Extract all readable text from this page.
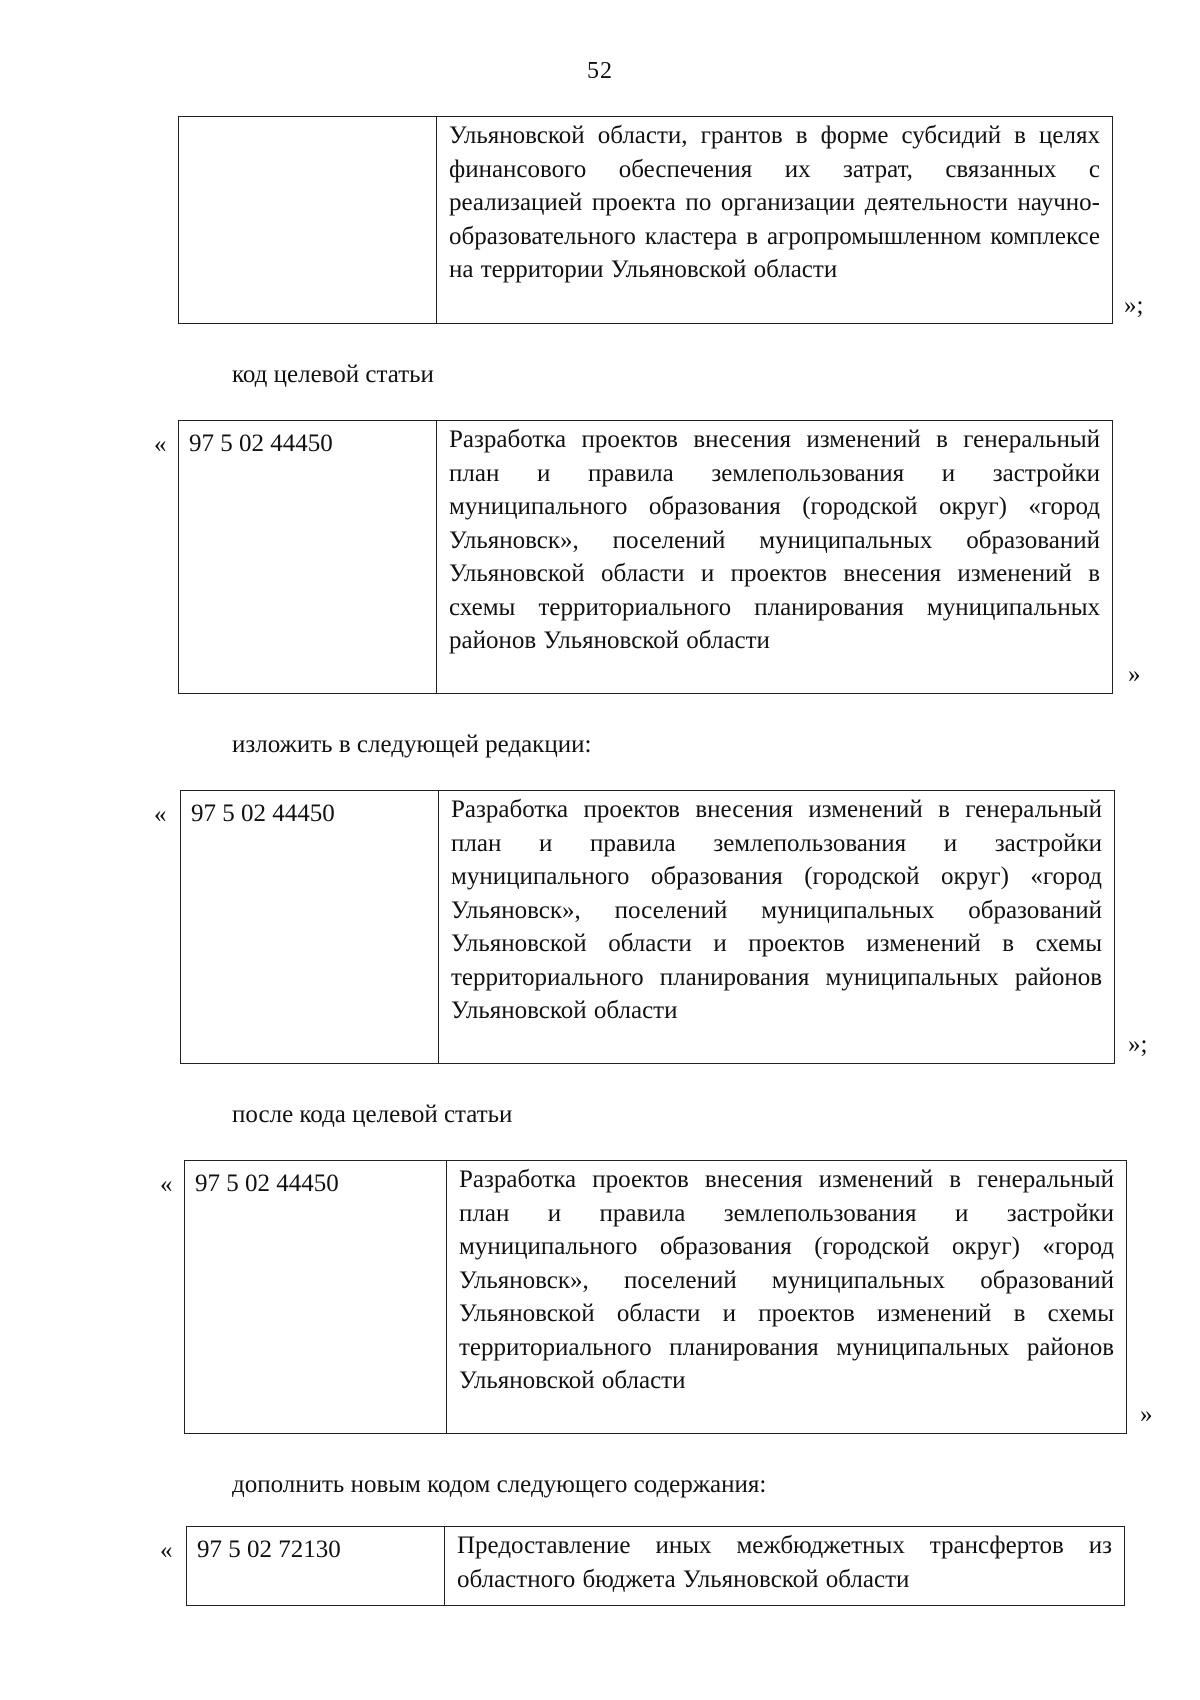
52
	Ульяновской области, грантов в форме субсидий в целях финансового обеспечения их затрат, связанных с реализацией проекта по организации деятельности научно-образовательного кластера в агропромышленном комплексе на территории Ульяновской области
»;
код целевой статьи
« 97 5 02 44450	Разработка проектов внесения изменений в генеральный план и правила землепользования и застройки муниципального образования (городской округ) «город Ульяновск», поселений муниципальных образований Ульяновской области и проектов внесения изменений в схемы территориального планирования муниципальных районов Ульяновской области
»
изложить в следующей редакции:
« 97 5 02 44450	Разработка проектов внесения изменений в генеральный план и правила землепользования и застройки муниципального образования (городской округ) «город Ульяновск», поселений муниципальных образований Ульяновской области и проектов изменений в схемы территориального планирования муниципальных районов Ульяновской области
»;
после кода целевой статьи
« 97 5 02 44450	Разработка проектов внесения изменений в генеральный план и правила землепользования и застройки муниципального образования (городской округ) «город Ульяновск», поселений муниципальных образований Ульяновской области и проектов изменений в схемы территориального планирования муниципальных районов Ульяновской области
»
дополнить новым кодом следующего содержания:
« 97 5 02 72130	Предоставление иных межбюджетных трансфертов из областного бюджета Ульяновской области
